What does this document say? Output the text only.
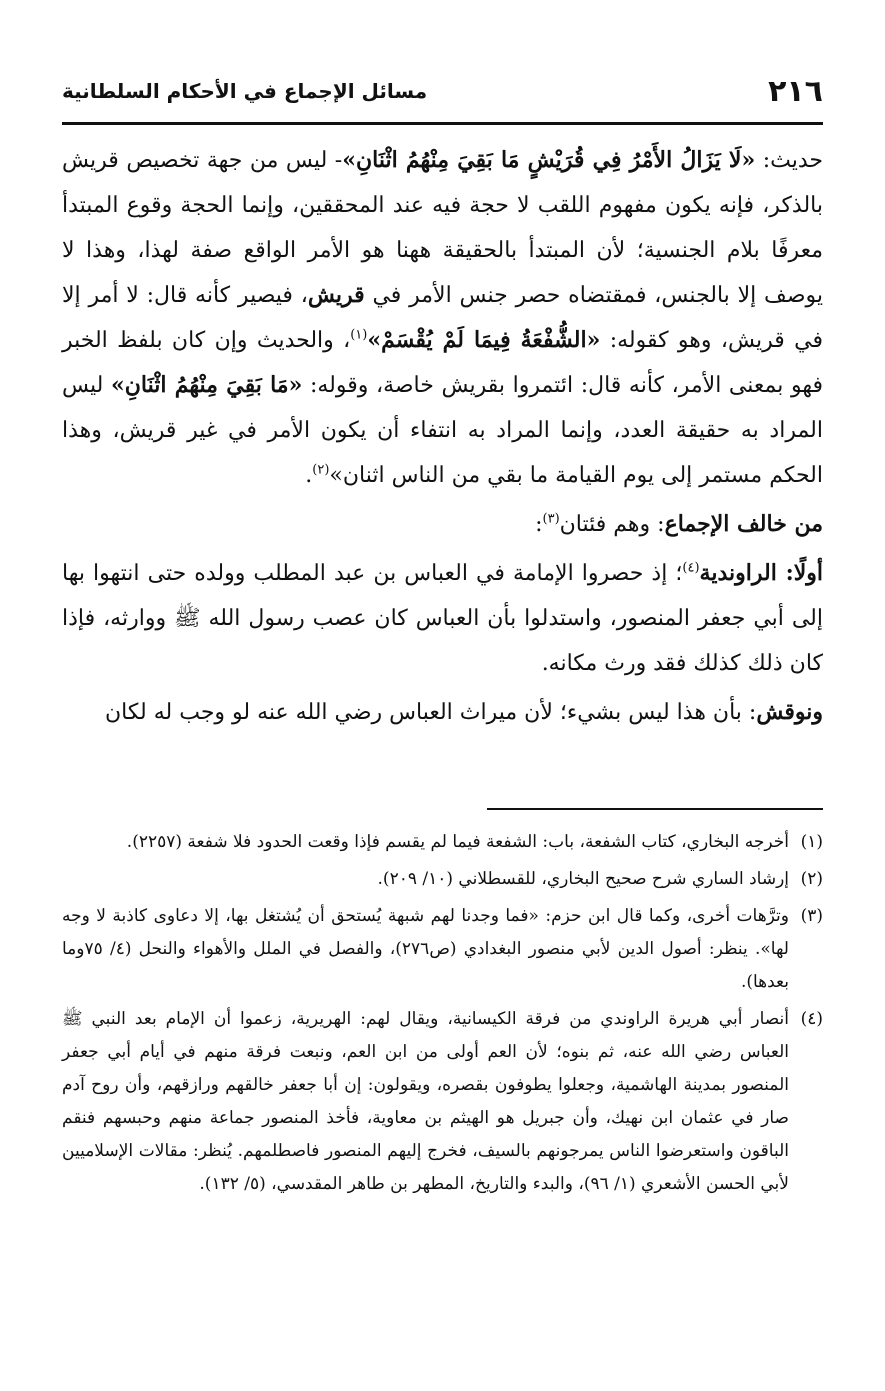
٢١٦
مسائل الإجماع في الأحكام السلطانية

حديث: «لَا يَزَالُ الأَمْرُ فِي قُرَيْشٍ مَا بَقِيَ مِنْهُمُ اثْنَانِ»- ليس من جهة تخصيص قريش بالذكر، فإنه يكون مفهوم اللقب لا حجة فيه عند المحققين، وإنما الحجة وقوع المبتدأ معرفًا بلام الجنسية؛ لأن المبتدأ بالحقيقة ههنا هو الأمر الواقع صفة لهذا، وهذا لا يوصف إلا بالجنس، فمقتضاه حصر جنس الأمر في قريش، فيصير كأنه قال: لا أمر إلا في قريش، وهو كقوله: «الشُّفْعَةُ فِيمَا لَمْ يُقْسَمْ»$^{(١)}$، والحديث وإن كان بلفظ الخبر فهو بمعنى الأمر، كأنه قال: ائتمروا بقريش خاصة، وقوله: «مَا بَقِيَ مِنْهُمُ اثْنَانِ» ليس المراد به حقيقة العدد، وإنما المراد به انتفاء أن يكون الأمر في غير قريش، وهذا الحكم مستمر إلى يوم القيامة ما بقي من الناس اثنان»$^{(٢)}$.

من خالف الإجماع: وهم فئتان$^{(٣)}$:

أولًا: الراوندية$^{(٤)}$؛ إذ حصروا الإمامة في العباس بن عبد المطلب وولده حتى انتهوا بها إلى أبي جعفر المنصور، واستدلوا بأن العباس كان عصب رسول الله ﷺ ووارثه، فإذا كان ذلك كذلك فقد ورث مكانه.

ونوقش: بأن هذا ليس بشيء؛ لأن ميراث العباس رضي الله عنه لو وجب له لكان

(١)
أخرجه البخاري، كتاب الشفعة، باب: الشفعة فيما لم يقسم فإذا وقعت الحدود فلا شفعة (٢٢٥٧).
(٢)
إرشاد الساري شرح صحيح البخاري، للقسطلاني (١٠/ ٢٠٩).
(٣)
وترَّهات أخرى، وكما قال ابن حزم: «فما وجدنا لهم شبهة يُستحق أن يُشتغل بها، إلا دعاوى كاذبة لا وجه لها». ينظر: أصول الدين لأبي منصور البغدادي (ص٢٧٦)، والفصل في الملل والأهواء والنحل (٤/ ٧٥وما بعدها).
(٤)
أنصار أبي هريرة الراوندي من فرقة الكيسانية، ويقال لهم: الهريرية، زعموا أن الإمام بعد النبي ﷺ العباس رضي الله عنه، ثم بنوه؛ لأن العم أولى من ابن العم، ونبعت فرقة منهم في أيام أبي جعفر المنصور بمدينة الهاشمية، وجعلوا يطوفون بقصره، ويقولون: إن أبا جعفر خالقهم ورازقهم، وأن روح آدم صار في عثمان ابن نهيك، وأن جبريل هو الهيثم بن معاوية، فأخذ المنصور جماعة منهم وحبسهم فنقم الباقون واستعرضوا الناس يمرجونهم بالسيف، فخرج إليهم المنصور فاصطلمهم. يُنظر: مقالات الإسلاميين لأبي الحسن الأشعري (١/ ٩٦)، والبدء والتاريخ، المطهر بن طاهر المقدسي، (٥/ ١٣٢).
